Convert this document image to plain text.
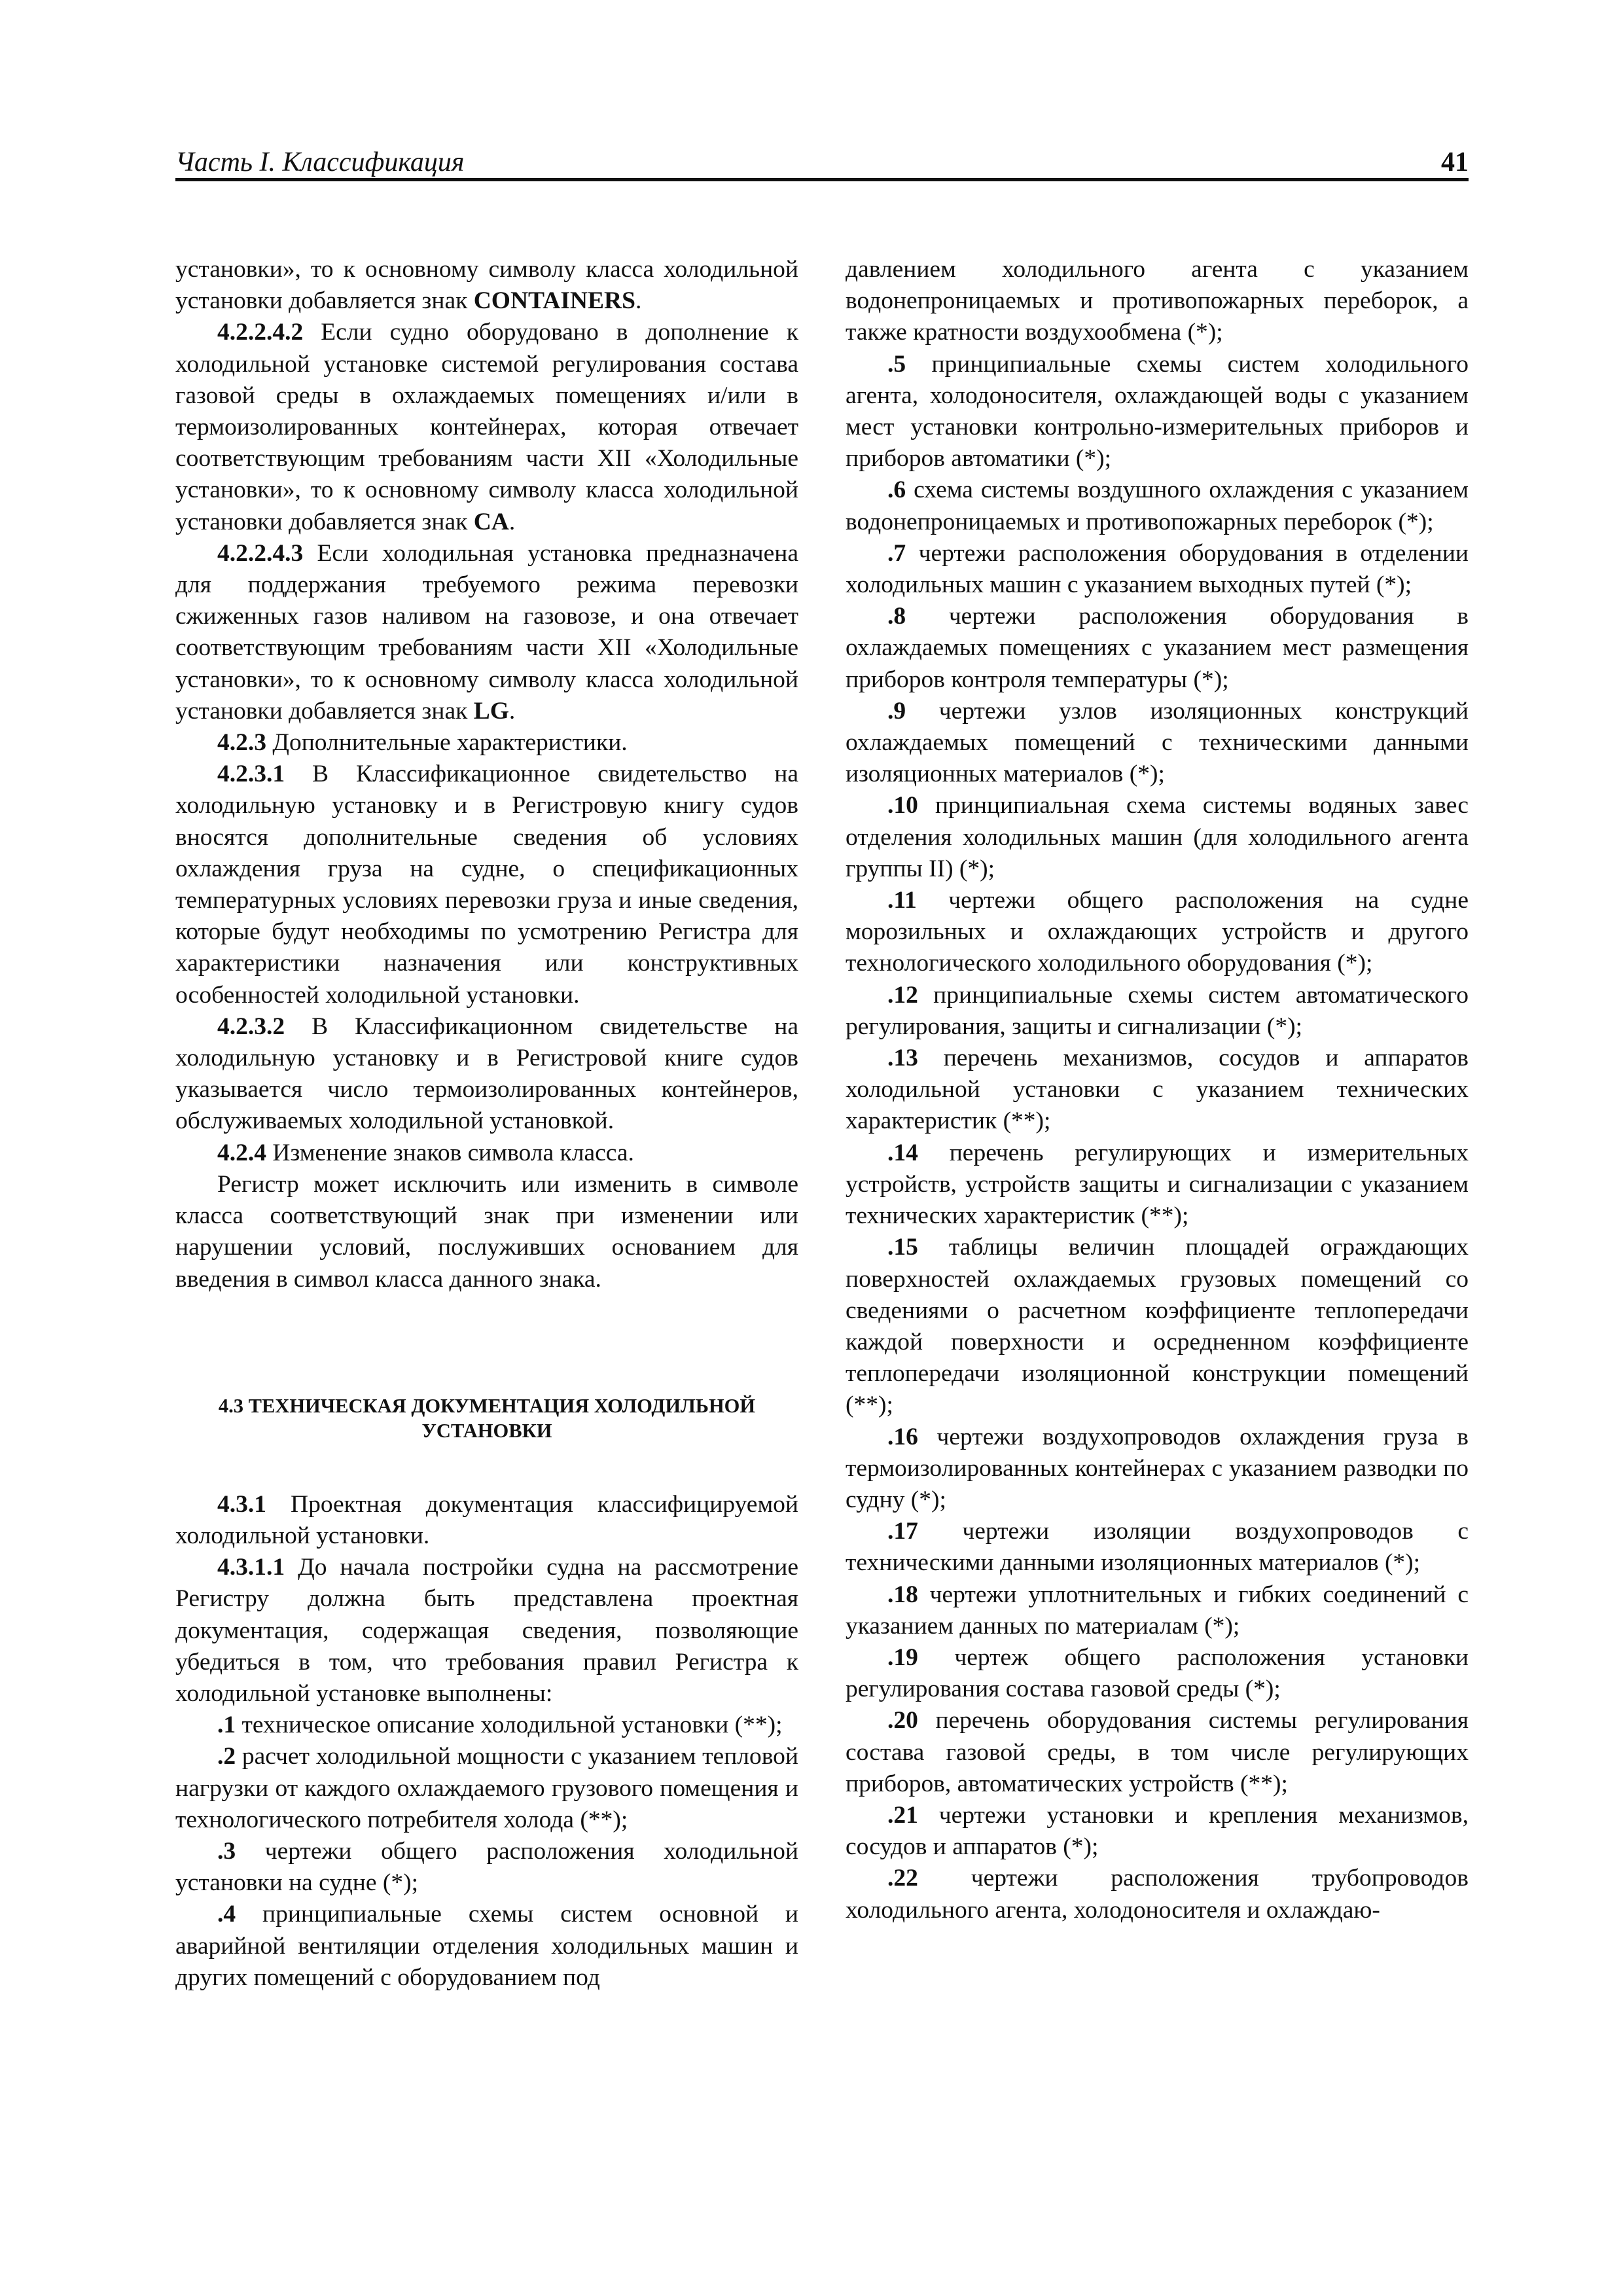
Часть I. Классификация	41

установки», то к основному символу класса холодильной установки добавляется знак CONTAINERS.

4.2.2.4.2 Если судно оборудовано в дополнение к холодильной установке системой регулирования состава газовой среды в охлаждаемых помещениях и/или в термоизолированных контейнерах, которая отвечает соответствующим требованиям части XII «Холодильные установки», то к основному символу класса холодильной установки добавляется знак CA.

4.2.2.4.3 Если холодильная установка предназначена для поддержания требуемого режима перевозки сжиженных газов наливом на газовозе, и она отвечает соответствующим требованиям части XII «Холодильные установки», то к основному символу класса холодильной установки добавляется знак LG.

4.2.3 Дополнительные характеристики.

4.2.3.1 В Классификационное свидетельство на холодильную установку и в Регистровую книгу судов вносятся дополнительные сведения об условиях охлаждения груза на судне, о спецификационных температурных условиях перевозки груза и иные сведения, которые будут необходимы по усмотрению Регистра для характеристики назначения или конструктивных особенностей холодильной установки.

4.2.3.2 В Классификационном свидетельстве на холодильную установку и в Регистровой книге судов указывается число термоизолированных контейнеров, обслуживаемых холодильной установкой.

4.2.4 Изменение знаков символа класса.

Регистр может исключить или изменить в символе класса соответствующий знак при изменении или нарушении условий, послуживших основанием для введения в символ класса данного знака.

4.3 ТЕХНИЧЕСКАЯ ДОКУМЕНТАЦИЯ ХОЛОДИЛЬНОЙ УСТАНОВКИ

4.3.1 Проектная документация классифицируемой холодильной установки.

4.3.1.1 До начала постройки судна на рассмотрение Регистру должна быть представлена проектная документация, содержащая сведения, позволяющие убедиться в том, что требования правил Регистра к холодильной установке выполнены:

.1 техническое описание холодильной установки (**);

.2 расчет холодильной мощности с указанием тепловой нагрузки от каждого охлаждаемого грузового помещения и технологического потребителя холода (**);

.3 чертежи общего расположения холодильной установки на судне (*);

.4 принципиальные схемы систем основной и аварийной вентиляции отделения холодильных машин и других помещений с оборудованием под

давлением холодильного агента с указанием водонепроницаемых и противопожарных переборок, а также кратности воздухообмена (*);

.5 принципиальные схемы систем холодильного агента, холодоносителя, охлаждающей воды с указанием мест установки контрольно-измерительных приборов и приборов автоматики (*);

.6 схема системы воздушного охлаждения с указанием водонепроницаемых и противопожарных переборок (*);

.7 чертежи расположения оборудования в отделении холодильных машин с указанием выходных путей (*);

.8 чертежи расположения оборудования в охлаждаемых помещениях с указанием мест размещения приборов контроля температуры (*);

.9 чертежи узлов изоляционных конструкций охлаждаемых помещений с техническими данными изоляционных материалов (*);

.10 принципиальная схема системы водяных завес отделения холодильных машин (для холодильного агента группы II) (*);

.11 чертежи общего расположения на судне морозильных и охлаждающих устройств и другого технологического холодильного оборудования (*);

.12 принципиальные схемы систем автоматического регулирования, защиты и сигнализации (*);

.13 перечень механизмов, сосудов и аппаратов холодильной установки с указанием технических характеристик (**);

.14 перечень регулирующих и измерительных устройств, устройств защиты и сигнализации с указанием технических характеристик (**);

.15 таблицы величин площадей ограждающих поверхностей охлаждаемых грузовых помещений со сведениями о расчетном коэффициенте теплопередачи каждой поверхности и осредненном коэффициенте теплопередачи изоляционной конструкции помещений (**);

.16 чертежи воздухопроводов охлаждения груза в термоизолированных контейнерах с указанием разводки по судну (*);

.17 чертежи изоляции воздухопроводов с техническими данными изоляционных материалов (*);

.18 чертежи уплотнительных и гибких соединений с указанием данных по материалам (*);

.19 чертеж общего расположения установки регулирования состава газовой среды (*);

.20 перечень оборудования системы регулирования состава газовой среды, в том числе регулирующих приборов, автоматических устройств (**);

.21 чертежи установки и крепления механизмов, сосудов и аппаратов (*);

.22 чертежи расположения трубопроводов холодильного агента, холодоносителя и охлаждаю-
